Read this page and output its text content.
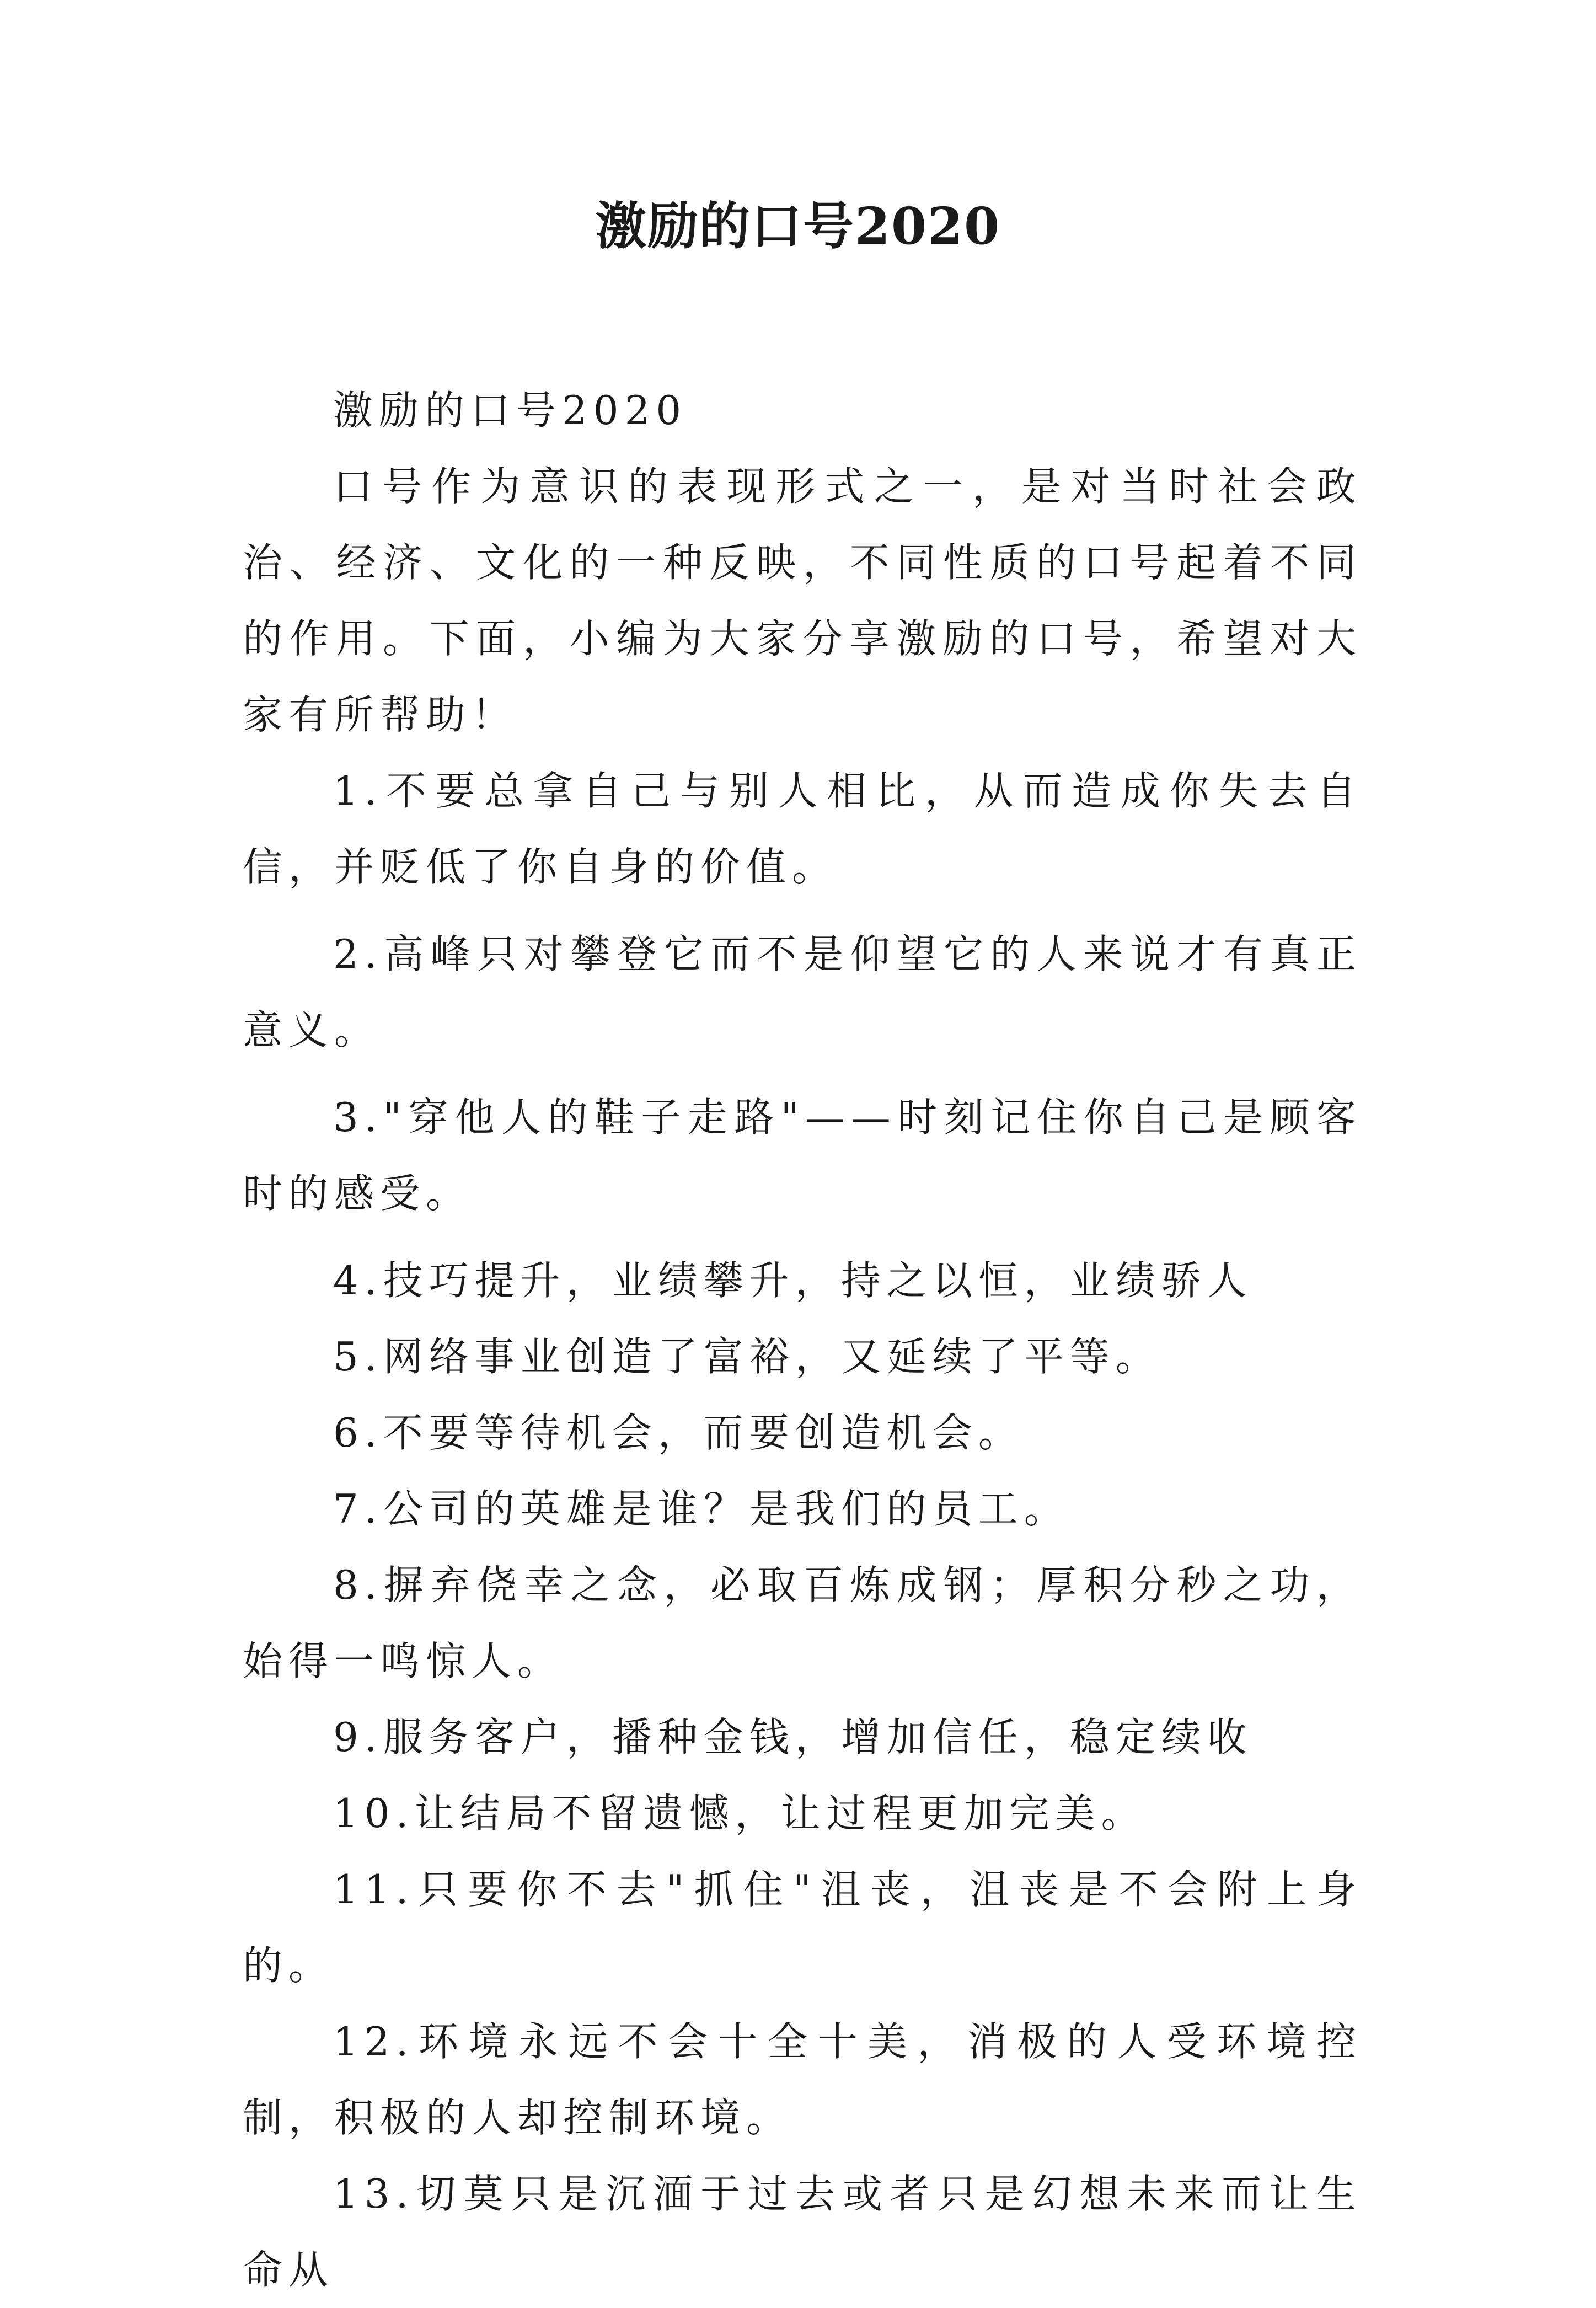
激励的口号2020

激励的口号2020

口号作为意识的表现形式之一，是对当时社会政治、经济、文化的一种反映，不同性质的口号起着不同的作用。下面，小编为大家分享激励的口号，希望对大家有所帮助！

1.不要总拿自己与别人相比，从而造成你失去自信，并贬低了你自身的价值。

2.高峰只对攀登它而不是仰望它的人来说才有真正意义。

3."穿他人的鞋子走路"——时刻记住你自己是顾客时的感受。

4.技巧提升，业绩攀升，持之以恒，业绩骄人

5.网络事业创造了富裕，又延续了平等。

6.不要等待机会，而要创造机会。

7.公司的英雄是谁？是我们的员工。

8.摒弃侥幸之念，必取百炼成钢；厚积分秒之功，始得一鸣惊人。

9.服务客户，播种金钱，增加信任，稳定续收

10.让结局不留遗憾，让过程更加完美。

11.只要你不去"抓住"沮丧，沮丧是不会附上身的。

12.环境永远不会十全十美，消极的人受环境控制，积极的人却控制环境。

13.切莫只是沉湎于过去或者只是幻想未来而让生命从
